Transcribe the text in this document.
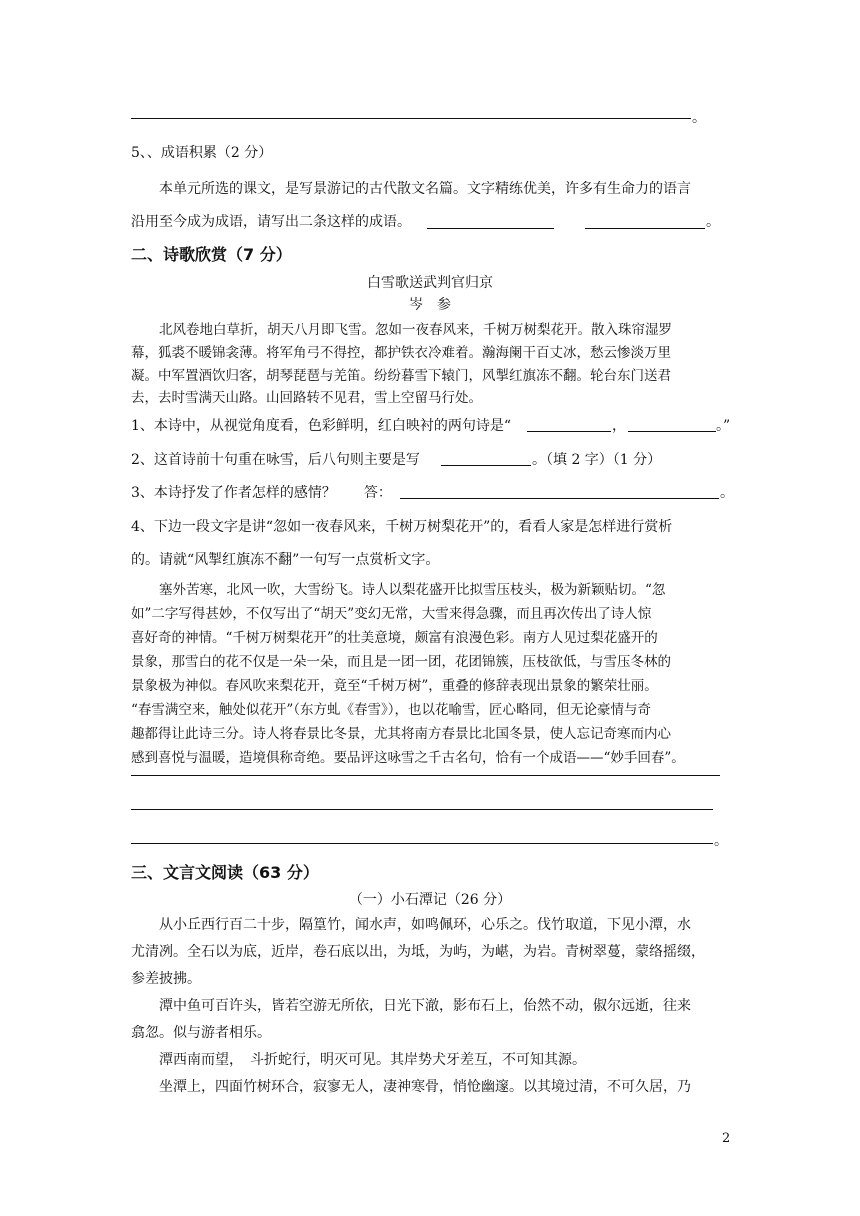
。
5、、成语积累（2 分）
本单元所选的课文，是写景游记的古代散文名篇。文字精练优美，许多有生命力的语言
沿用至今成为成语，请写出二条这样的成语。	。
二、诗歌欣赏（7 分）
白雪歌送武判官归京
岑　参
北风卷地白草折，胡天八月即飞雪。忽如一夜春风来，千树万树梨花开。散入珠帘湿罗
幕，狐裘不暖锦衾薄。将军角弓不得控，都护铁衣冷难着。瀚海阑干百丈冰，愁云惨淡万里
凝。中军置酒饮归客，胡琴琵琶与羌笛。纷纷暮雪下辕门，风掣红旗冻不翻。轮台东门送君
去，去时雪满天山路。山回路转不见君，雪上空留马行处。
1、本诗中，从视觉角度看，色彩鲜明，红白映衬的两句诗是“	，	。”
2、这首诗前十句重在咏雪，后八句则主要是写	。（填 2 字）（1 分）
3、本诗抒发了作者怎样的感情？　　答：	。
4、下边一段文字是讲“忽如一夜春风来，千树万树梨花开”的，看看人家是怎样进行赏析
的。请就“风掣红旗冻不翻”一句写一点赏析文字。
塞外苦寒，北风一吹，大雪纷飞。诗人以梨花盛开比拟雪压枝头，极为新颖贴切。“忽
如”二字写得甚妙，不仅写出了“胡天”变幻无常，大雪来得急骤，而且再次传出了诗人惊
喜好奇的神情。“千树万树梨花开”的壮美意境，颇富有浪漫色彩。南方人见过梨花盛开的
景象，那雪白的花不仅是一朵一朵，而且是一团一团，花团锦簇，压枝欲低，与雪压冬林的
景象极为神似。春风吹来梨花开，竟至“千树万树”，重叠的修辞表现出景象的繁荣壮丽。
“春雪满空来，触处似花开”（东方虬《春雪》），也以花喻雪，匠心略同，但无论豪情与奇
趣都得让此诗三分。诗人将春景比冬景，尤其将南方春景比北国冬景，使人忘记奇寒而内心
感到喜悦与温暖，造境俱称奇绝。要品评这咏雪之千古名句，恰有一个成语——“妙手回春”。
。
三、文言文阅读（63 分）
（一）小石潭记（26 分）
从小丘西行百二十步，隔篁竹，闻水声，如鸣佩环，心乐之。伐竹取道，下见小潭，水
尤清冽。全石以为底，近岸，卷石底以出，为坻，为屿，为嵁，为岩。青树翠蔓，蒙络摇缀，
参差披拂。
潭中鱼可百许头，皆若空游无所依，日光下澈，影布石上，佁然不动，俶尔远逝，往来
翕忽。似与游者相乐。
潭西南而望，　斗折蛇行，明灭可见。其岸势犬牙差互，不可知其源。
坐潭上，四面竹树环合，寂寥无人，凄神寒骨，悄怆幽邃。以其境过清，不可久居，乃
2
